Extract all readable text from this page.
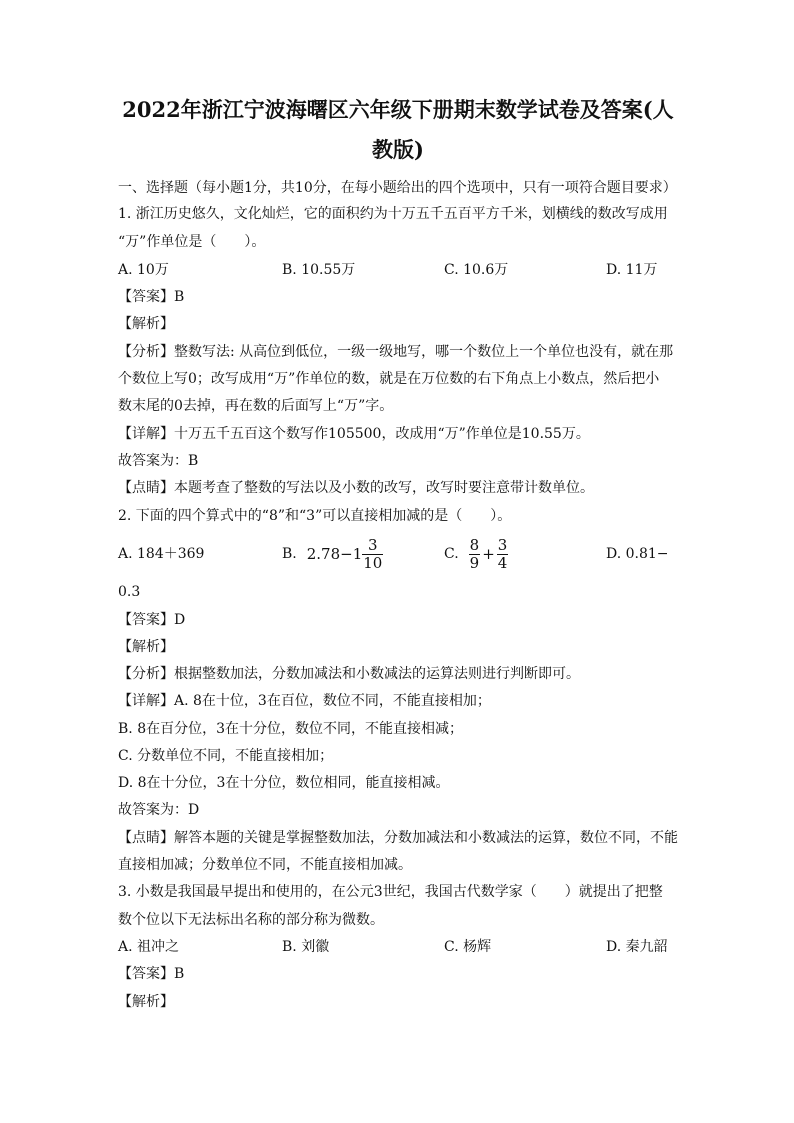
2022年浙江宁波海曙区六年级下册期末数学试卷及答案(人
教版)
一、选择题（每小题1分，共10分，在每小题给出的四个选项中，只有一项符合题目要求）
1. 浙江历史悠久，文化灿烂，它的面积约为十万五千五百平方千米，划横线的数改写成用
“万”作单位是（　　）。
A. 10万	B. 10.55万	C. 10.6万	D. 11万
【答案】B
【解析】
【分析】整数写法: 从高位到低位，一级一级地写，哪一个数位上一个单位也没有，就在那
个数位上写0；改写成用“万”作单位的数，就是在万位数的右下角点上小数点，然后把小
数末尾的0去掉，再在数的后面写上“万”字。
【详解】十万五千五百这个数写作105500，改成用“万”作单位是10.55万。
故答案为：B
【点睛】本题考查了整数的写法以及小数的改写，改写时要注意带计数单位。
2. 下面的四个算式中的“8”和“3”可以直接相加减的是（　　）。
A. 184＋369	B. $2.78-1 \frac{3}{10}$	C. $\frac{8}{9} + \frac{3}{4}$	D. 0.81−
0.3
【答案】D
【解析】
【分析】根据整数加法，分数加减法和小数减法的运算法则进行判断即可。
【详解】A. 8在十位，3在百位，数位不同，不能直接相加；
B. 8在百分位，3在十分位，数位不同，不能直接相减；
C. 分数单位不同，不能直接相加；
D. 8在十分位，3在十分位，数位相同，能直接相减。
故答案为：D
【点睛】解答本题的关键是掌握整数加法，分数加减法和小数减法的运算，数位不同，不能
直接相加减；分数单位不同，不能直接相加减。
3. 小数是我国最早提出和使用的，在公元3世纪，我国古代数学家（　　）就提出了把整
数个位以下无法标出名称的部分称为微数。
A. 祖冲之	B. 刘徽	C. 杨辉	D. 秦九韶
【答案】B
【解析】
